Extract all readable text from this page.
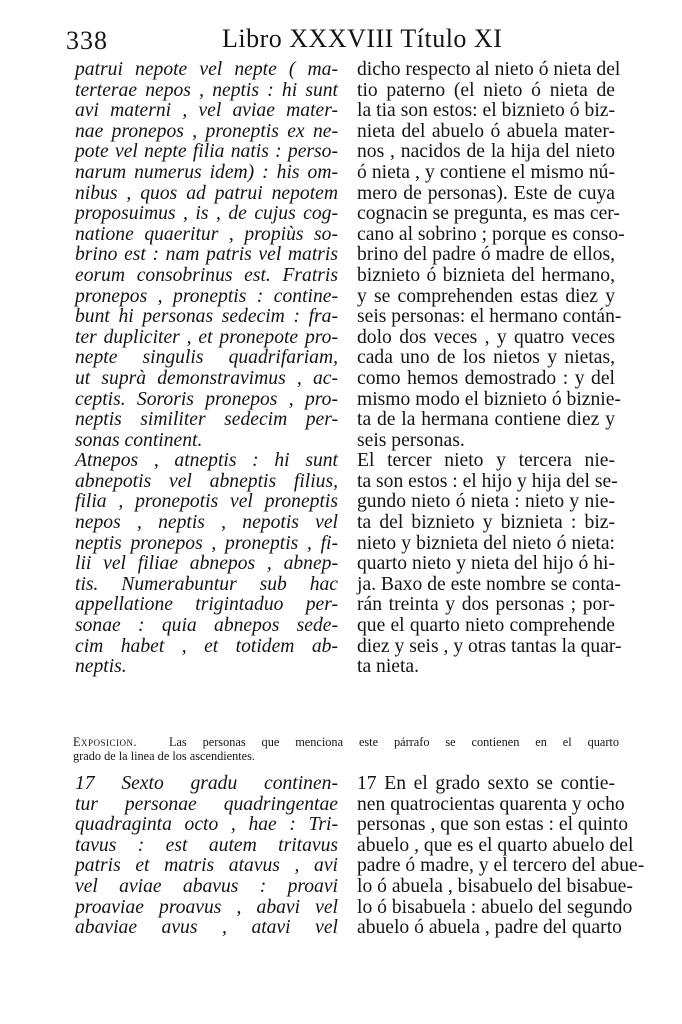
338	Libro XXXVIII Título XI
patrui nepote vel nepte ( ma-
terterae nepos , neptis : hi sunt
avi materni , vel aviae mater-
nae pronepos , proneptis ex ne-
pote vel nepte filia natis : perso-
narum numerus idem) : his om-
nibus , quos ad patrui nepotem
proposuimus , is , de cujus cog-
natione quaeritur , propiùs so-
brino est : nam patris vel matris
eorum consobrinus est. Fratris
pronepos , proneptis : contine-
bunt hi personas sedecim : fra-
ter dupliciter , et pronepote pro-
nepte singulis quadrifariam,
ut suprà demonstravimus , ac-
ceptis. Sororis pronepos , pro-
neptis similiter sedecim per-
sonas continent.
Atnepos , atneptis : hi sunt
abnepotis vel abneptis filius,
filia , pronepotis vel proneptis
nepos , neptis , nepotis vel
neptis pronepos , proneptis , fi-
lii vel filiae abnepos , abnep-
tis. Numerabuntur sub hac
appellatione trigintaduo per-
sonae : quia abnepos sede-
cim habet , et totidem ab-
neptis.
dicho respecto al nieto ó nieta del
tio paterno (el nieto ó nieta de
la tia son estos: el biznieto ó biz-
nieta del abuelo ó abuela mater-
nos , nacidos de la hija del nieto
ó nieta , y contiene el mismo nú-
mero de personas). Este de cuya
cognacin se pregunta, es mas cer-
cano al sobrino ; porque es conso-
brino del padre ó madre de ellos,
biznieto ó biznieta del hermano,
y se comprehenden estas diez y
seis personas: el hermano contán-
dolo dos veces , y quatro veces
cada uno de los nietos y nietas,
como hemos demostrado : y del
mismo modo el biznieto ó biznie-
ta de la hermana contiene diez y
seis personas.
El tercer nieto y tercera nie-
ta son estos : el hijo y hija del se-
gundo nieto ó nieta : nieto y nie-
ta del biznieto y biznieta : biz-
nieto y biznieta del nieto ó nieta:
quarto nieto y nieta del hijo ó hi-
ja. Baxo de este nombre se conta-
rán treinta y dos personas ; por-
que el quarto nieto comprehende
diez y seis , y otras tantas la quar-
ta nieta.
Exposicion.	Las personas que menciona este párrafo se contienen en el quarto
grado de la linea de los ascendientes.
17 Sexto gradu continen-
tur personae quadringentae
quadraginta octo , hae : Tri-
tavus : est autem tritavus
patris et matris atavus , avi
vel aviae abavus : proavi
proaviae proavus , abavi vel
abaviae avus , atavi vel
17 En el grado sexto se contie-
nen quatrocientas quarenta y ocho
personas , que son estas : el quinto
abuelo , que es el quarto abuelo del
padre ó madre, y el tercero del abue-
lo ó abuela , bisabuelo del bisabue-
lo ó bisabuela : abuelo del segundo
abuelo ó abuela , padre del quarto
